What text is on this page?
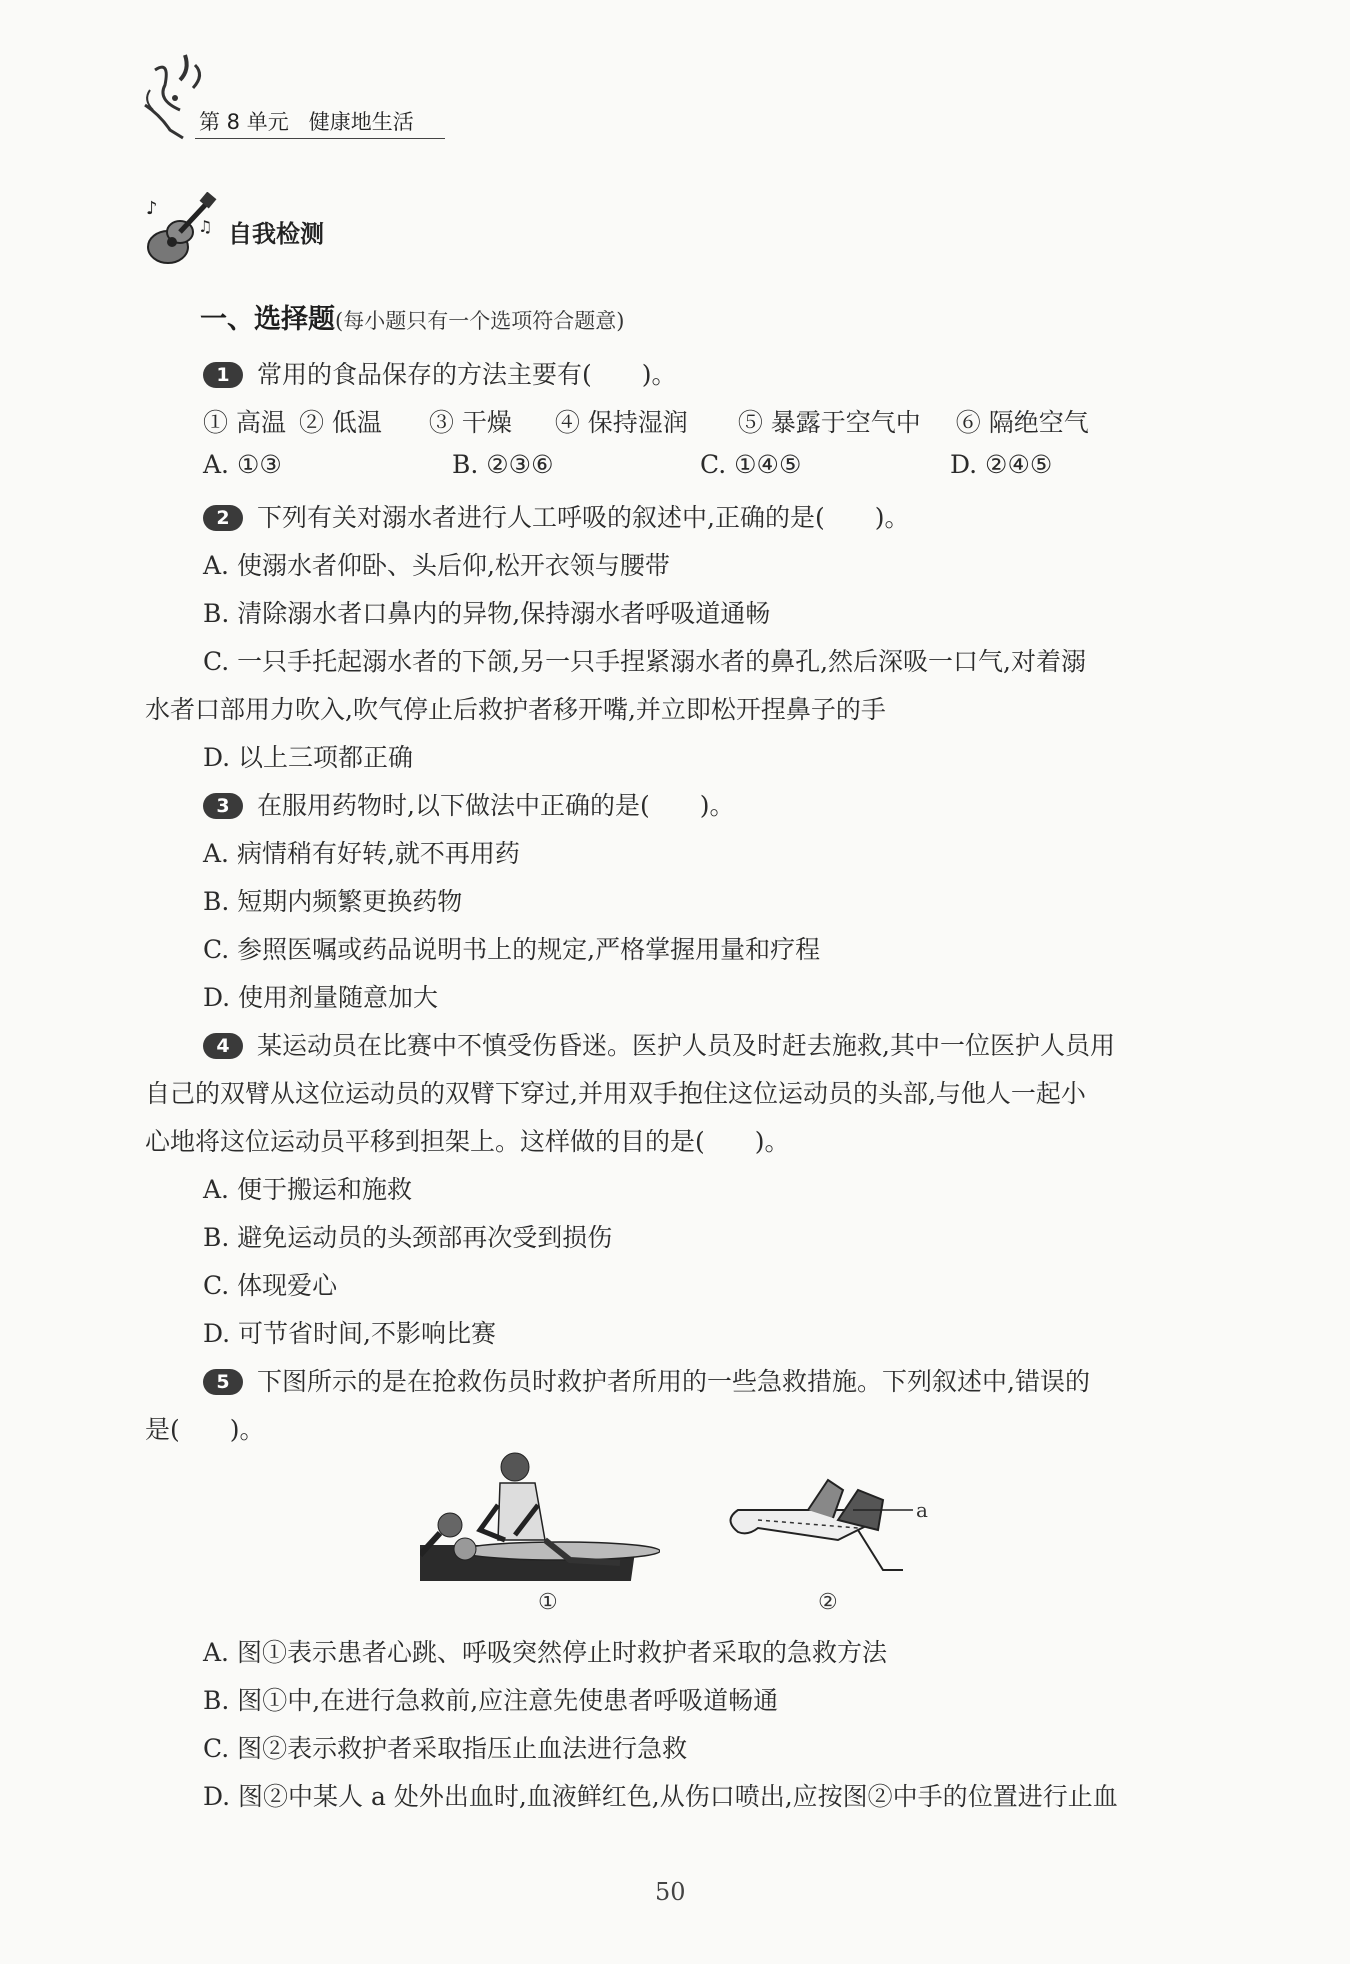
第 8 单元 健康地生活
♪
♫ 自我检测
一、选择题(每小题只有一个选项符合题意)
1 常用的食品保存的方法主要有(　　)。
① 高温 ② 低温 ③ 干燥 ④ 保持湿润 ⑤ 暴露于空气中 ⑥ 隔绝空气
A. ①③	B. ②③⑥	C. ①④⑤	D. ②④⑤
2 下列有关对溺水者进行人工呼吸的叙述中,正确的是(　　)。
A. 使溺水者仰卧、头后仰,松开衣领与腰带
B. 清除溺水者口鼻内的异物,保持溺水者呼吸道通畅
C. 一只手托起溺水者的下颌,另一只手捏紧溺水者的鼻孔,然后深吸一口气,对着溺
水者口部用力吹入,吹气停止后救护者移开嘴,并立即松开捏鼻子的手
D. 以上三项都正确
3 在服用药物时,以下做法中正确的是(　　)。
A. 病情稍有好转,就不再用药
B. 短期内频繁更换药物
C. 参照医嘱或药品说明书上的规定,严格掌握用量和疗程
D. 使用剂量随意加大
4 某运动员在比赛中不慎受伤昏迷。医护人员及时赶去施救,其中一位医护人员用
自己的双臂从这位运动员的双臂下穿过,并用双手抱住这位运动员的头部,与他人一起小
心地将这位运动员平移到担架上。这样做的目的是(　　)。
A. 便于搬运和施救
B. 避免运动员的头颈部再次受到损伤
C. 体现爱心
D. 可节省时间,不影响比赛
5 下图所示的是在抢救伤员时救护者所用的一些急救措施。下列叙述中,错误的
是(　　)。
①
a
②
A. 图①表示患者心跳、呼吸突然停止时救护者采取的急救方法
B. 图①中,在进行急救前,应注意先使患者呼吸道畅通
C. 图②表示救护者采取指压止血法进行急救
D. 图②中某人 a 处外出血时,血液鲜红色,从伤口喷出,应按图②中手的位置进行止血
50
